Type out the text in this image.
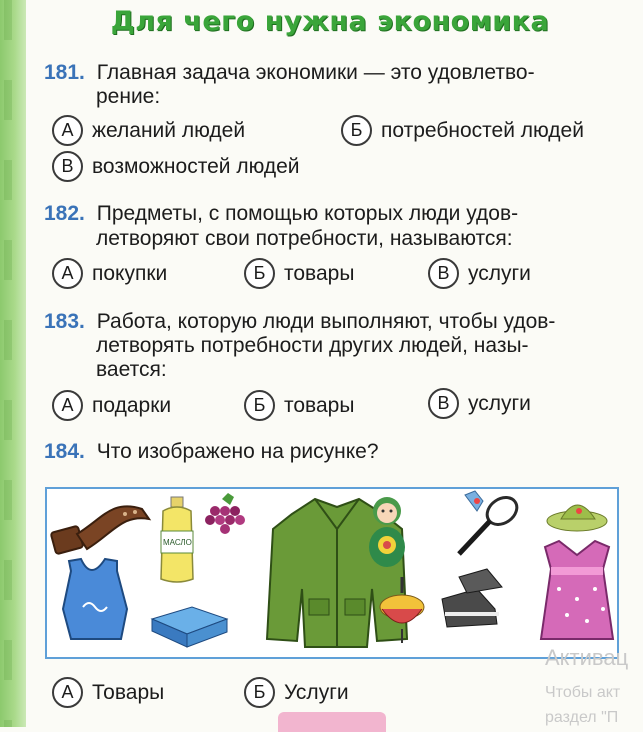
Для чего нужна экономика
181. Главная задача экономики — это удовлетво-
рение:
А желаний людей	Б потребностей людей
В возможностей людей
182. Предметы, с помощью которых люди удов-
летворяют свои потребности, называются:
А покупки	Б товары	В услуги
183. Работа, которую люди выполняют, чтобы удов-
летворять потребности других людей, назы-
вается:
А подарки	Б товары	В услуги
184. Что изображено на рисунке?
МАСЛО
А Товары	Б Услуги
Активац
Чтобы акт
раздел "П
